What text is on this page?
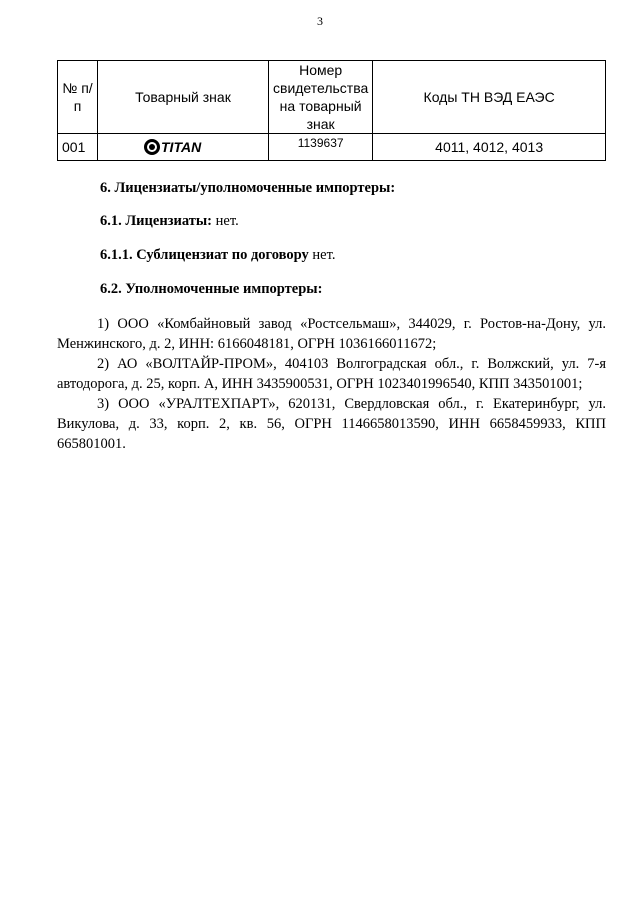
3
№ п/п	Товарный знак	Номер свидетельства на товарный знак	Коды ТН ВЭД ЕАЭС
001	TITAN	1139637	4011, 4012, 4013
6. Лицензиаты/уполномоченные импортеры:
6.1. Лицензиаты: нет.
6.1.1. Сублицензиат по договору нет.
6.2. Уполномоченные импортеры:

1) ООО «Комбайновый завод «Ростсельмаш», 344029, г. Ростов-на-Дону, ул. Менжинского, д. 2, ИНН: 6166048181, ОГРН 1036166011672;

2) АО «ВОЛТАЙР-ПРОМ», 404103 Волгоградская обл., г. Волжский, ул. 7-я автодорога, д. 25, корп. А, ИНН 3435900531, ОГРН 1023401996540, КПП 343501001;

3) ООО «УРАЛТЕХПАРТ», 620131, Свердловская обл., г. Екатеринбург, ул. Викулова, д. 33, корп. 2, кв. 56, ОГРН 1146658013590, ИНН 6658459933, КПП 665801001.
